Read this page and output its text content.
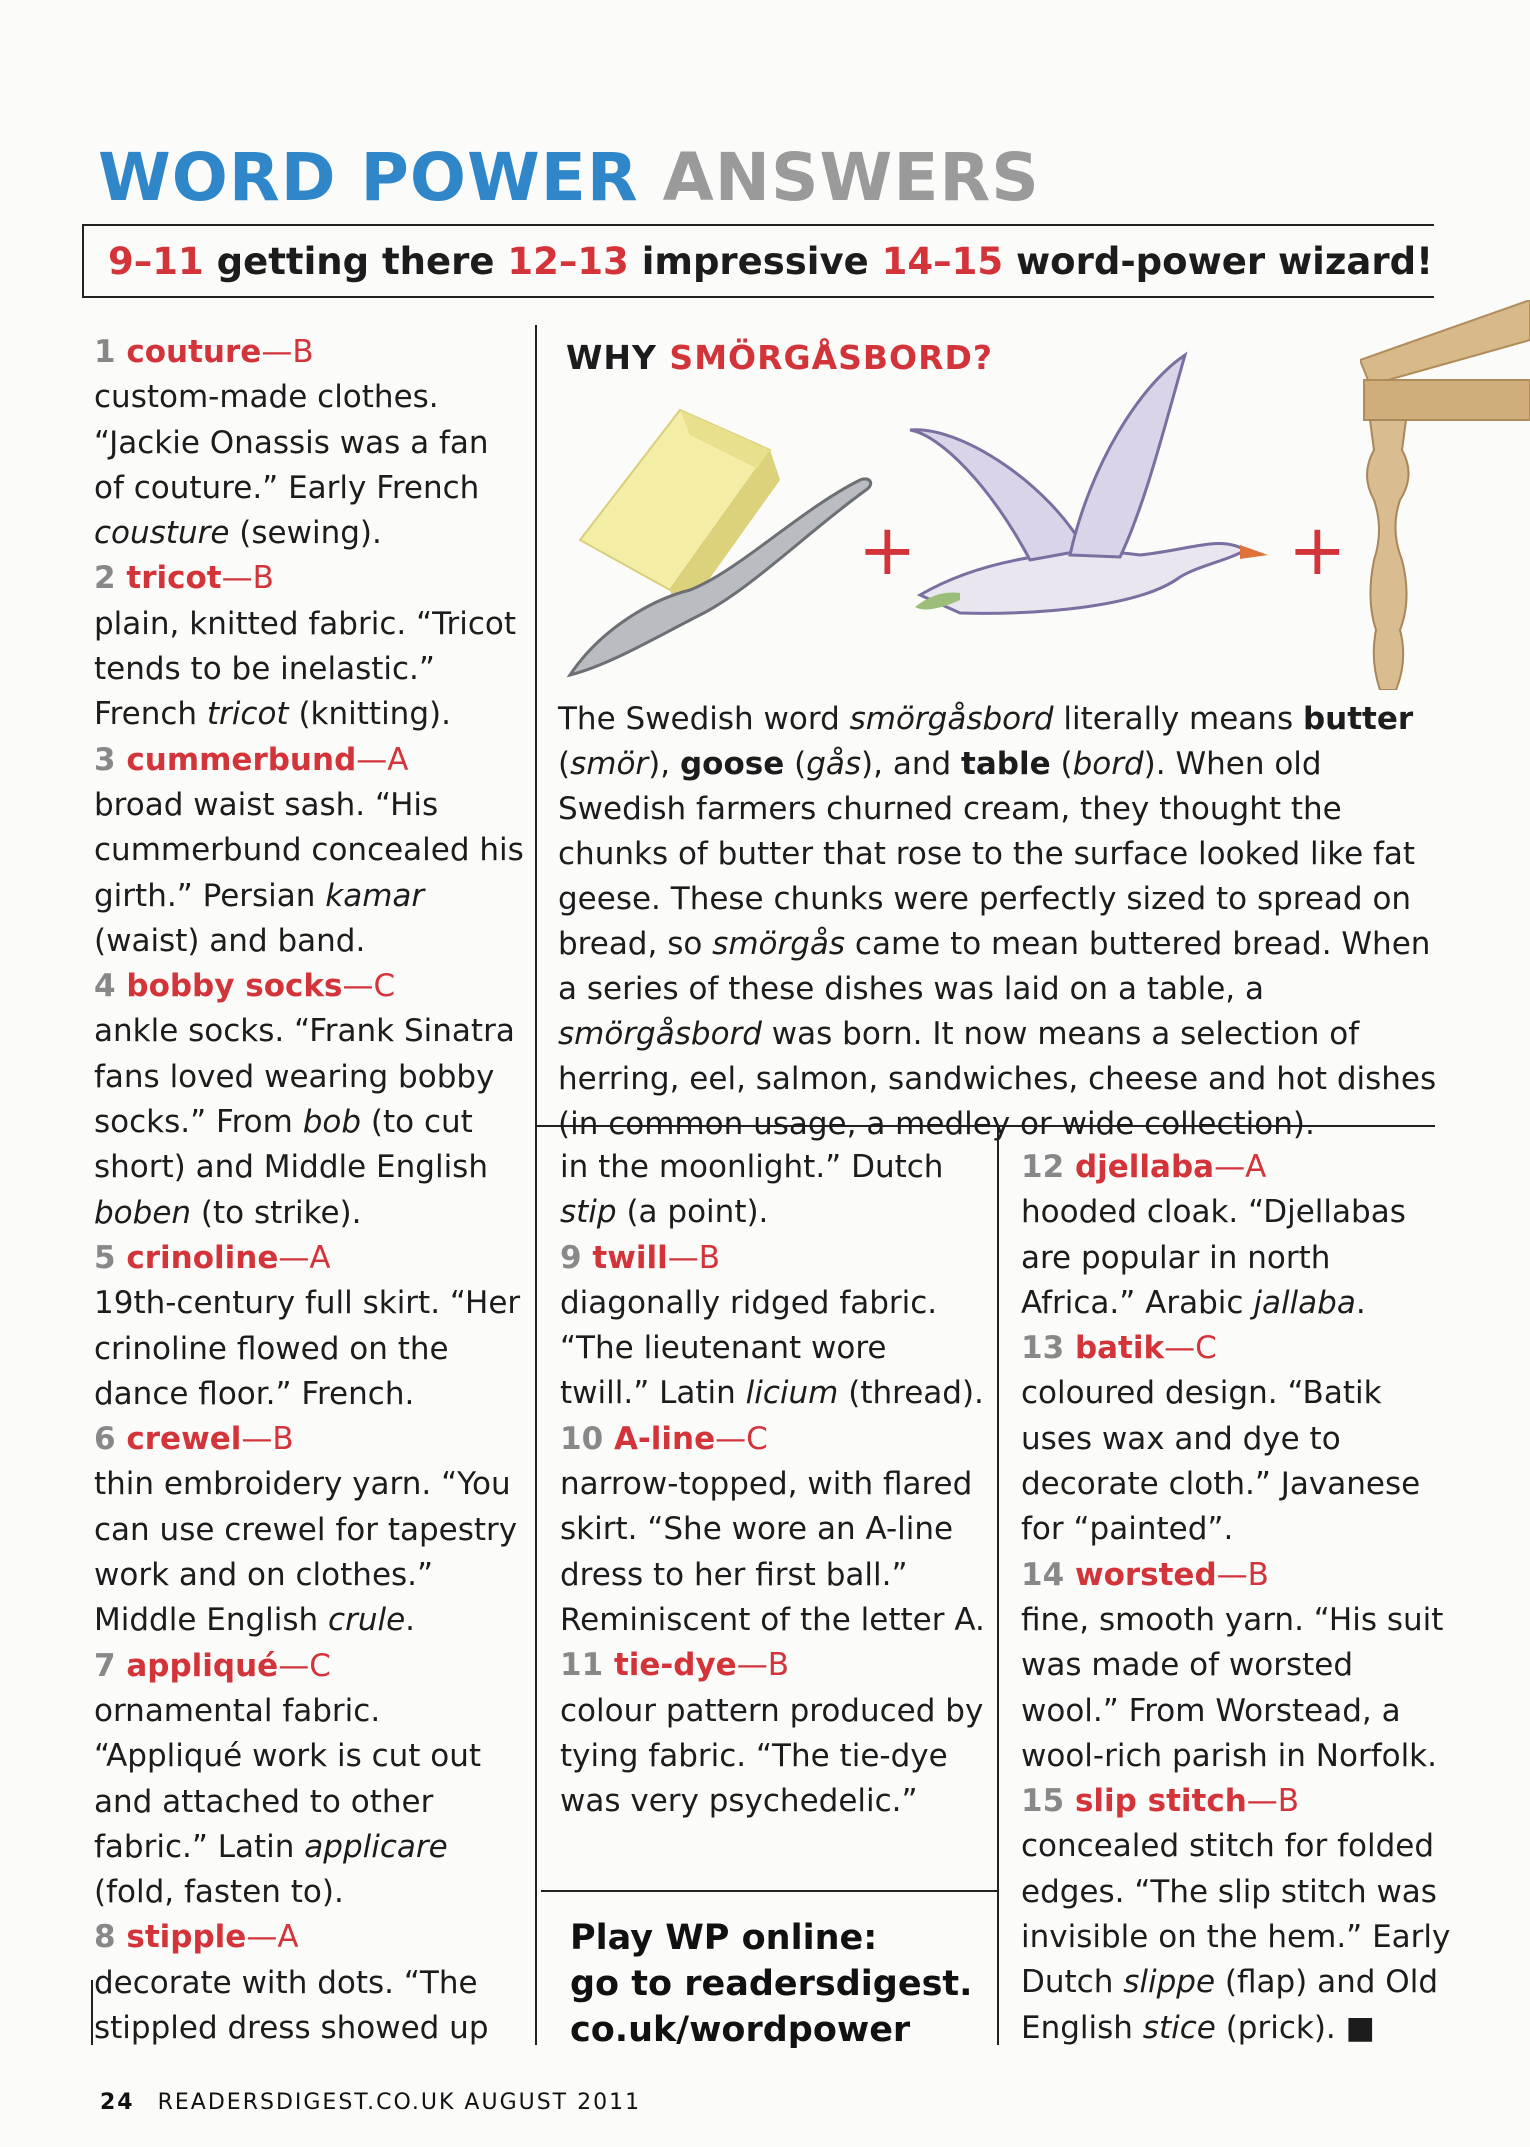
WORD POWER ANSWERS
9–11 getting there 12–13 impressive 14–15 word-power wizard!
1 couture — B
custom-made clothes. “Jackie Onassis was a fan of couture.” Early French cousture (sewing).
2 tricot — B
plain, knitted fabric. “Tricot tends to be inelastic.” French tricot (knitting).
3 cummerbund — A
broad waist sash. “His cummerbund concealed his girth.” Persian kamar (waist) and band.
4 bobby socks — C
ankle socks. “Frank Sinatra fans loved wearing bobby socks.” From bob (to cut short) and Middle English boben (to strike).
5 crinoline — A
19th-century full skirt. “Her crinoline flowed on the dance floor.” French.
6 crewel — B
thin embroidery yarn. “You can use crewel for tapestry work and on clothes.” Middle English crule.
7 appliqué — C
ornamental fabric. “Appliqué work is cut out and attached to other fabric.” Latin applicare (fold, fasten to).
8 stipple — A
decorate with dots. “The stippled dress showed up
WHY SMÖRGÅSBORD?
+	+
The Swedish word smörgåsbord literally means butter (smör), goose (gås), and table (bord). When old Swedish farmers churned cream, they thought the chunks of butter that rose to the surface looked like fat geese. These chunks were perfectly sized to spread on bread, so smörgås came to mean buttered bread. When a series of these dishes was laid on a table, a smörgåsbord was born. It now means a selection of herring, eel, salmon, sandwiches, cheese and hot dishes (in common usage, a medley or wide collection).
in the moonlight.” Dutch stip (a point).
9 twill — B
diagonally ridged fabric. “The lieutenant wore twill.” Latin licium (thread).
10 A-line — C
narrow-topped, with flared skirt. “She wore an A-line dress to her first ball.” Reminiscent of the letter A.
11 tie-dye — B
colour pattern produced by tying fabric. “The tie-dye was very psychedelic.”
12 djellaba — A
hooded cloak. “Djellabas are popular in north Africa.” Arabic jallaba.
13 batik — C
coloured design. “Batik uses wax and dye to decorate cloth.” Javanese for “painted”.
14 worsted — B
fine, smooth yarn. “His suit was made of worsted wool.” From Worstead, a wool-rich parish in Norfolk.
15 slip stitch — B
concealed stitch for folded edges. “The slip stitch was invisible on the hem.” Early Dutch slippe (flap) and Old English stice (prick). ■
Play WP online:
go to readersdigest.
co.uk/wordpower
24 READERSDIGEST.CO.UK AUGUST 2011
